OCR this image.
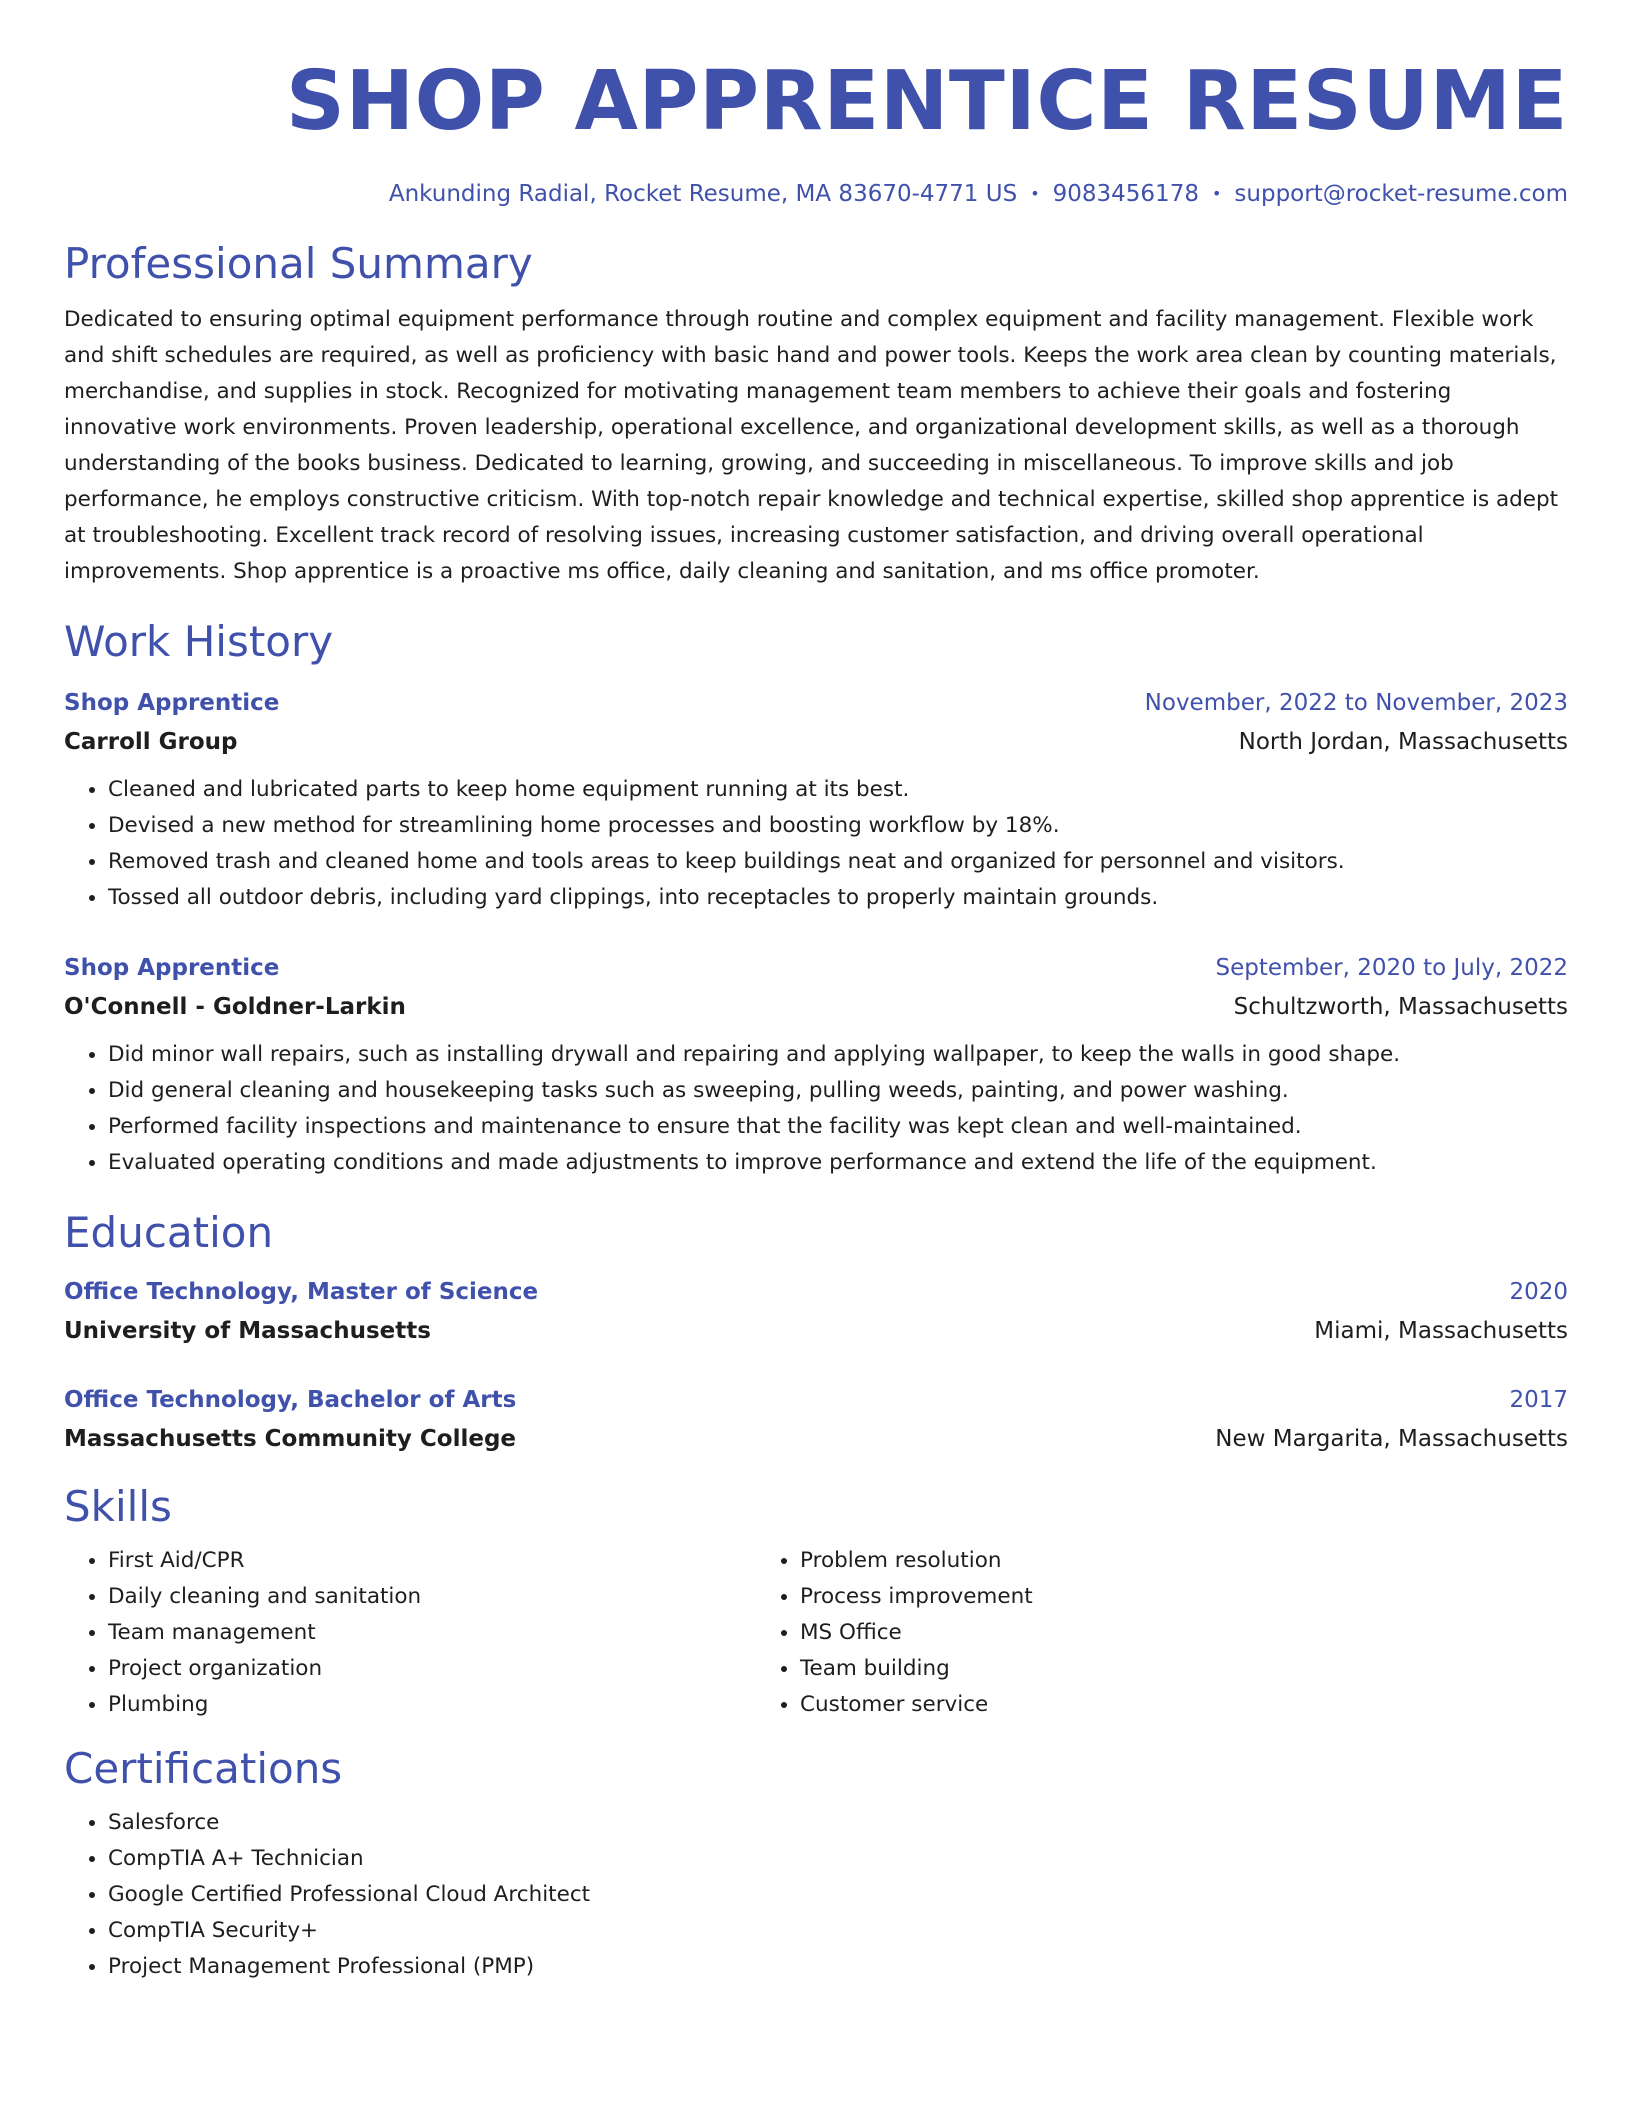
SHOP APPRENTICE RESUME
Ankunding Radial, Rocket Resume, MA 83670-4771 US • 9083456178 • support@rocket-resume.com
Professional Summary
Dedicated to ensuring optimal equipment performance through routine and complex equipment and facility management. Flexible work and shift schedules are required, as well as proficiency with basic hand and power tools. Keeps the work area clean by counting materials, merchandise, and supplies in stock. Recognized for motivating management team members to achieve their goals and fostering innovative work environments. Proven leadership, operational excellence, and organizational development skills, as well as a thorough understanding of the books business. Dedicated to learning, growing, and succeeding in miscellaneous. To improve skills and job performance, he employs constructive criticism. With top-notch repair knowledge and technical expertise, skilled shop apprentice is adept at troubleshooting. Excellent track record of resolving issues, increasing customer satisfaction, and driving overall operational improvements. Shop apprentice is a proactive ms office, daily cleaning and sanitation, and ms office promoter.
Work History
Shop Apprentice	November, 2022 to November, 2023
Carroll Group	North Jordan, Massachusetts
• Cleaned and lubricated parts to keep home equipment running at its best.
• Devised a new method for streamlining home processes and boosting workflow by 18%.
• Removed trash and cleaned home and tools areas to keep buildings neat and organized for personnel and visitors.
• Tossed all outdoor debris, including yard clippings, into receptacles to properly maintain grounds.
Shop Apprentice	September, 2020 to July, 2022
O'Connell - Goldner-Larkin	Schultzworth, Massachusetts
• Did minor wall repairs, such as installing drywall and repairing and applying wallpaper, to keep the walls in good shape.
• Did general cleaning and housekeeping tasks such as sweeping, pulling weeds, painting, and power washing.
• Performed facility inspections and maintenance to ensure that the facility was kept clean and well-maintained.
• Evaluated operating conditions and made adjustments to improve performance and extend the life of the equipment.
Education
Office Technology, Master of Science	2020
University of Massachusetts	Miami, Massachusetts
Office Technology, Bachelor of Arts	2017
Massachusetts Community College	New Margarita, Massachusetts
Skills
• First Aid/CPR
• Daily cleaning and sanitation
• Team management
• Project organization
• Plumbing
• Problem resolution
• Process improvement
• MS Office
• Team building
• Customer service
Certifications
• Salesforce
• CompTIA A+ Technician
• Google Certified Professional Cloud Architect
• CompTIA Security+
• Project Management Professional (PMP)
